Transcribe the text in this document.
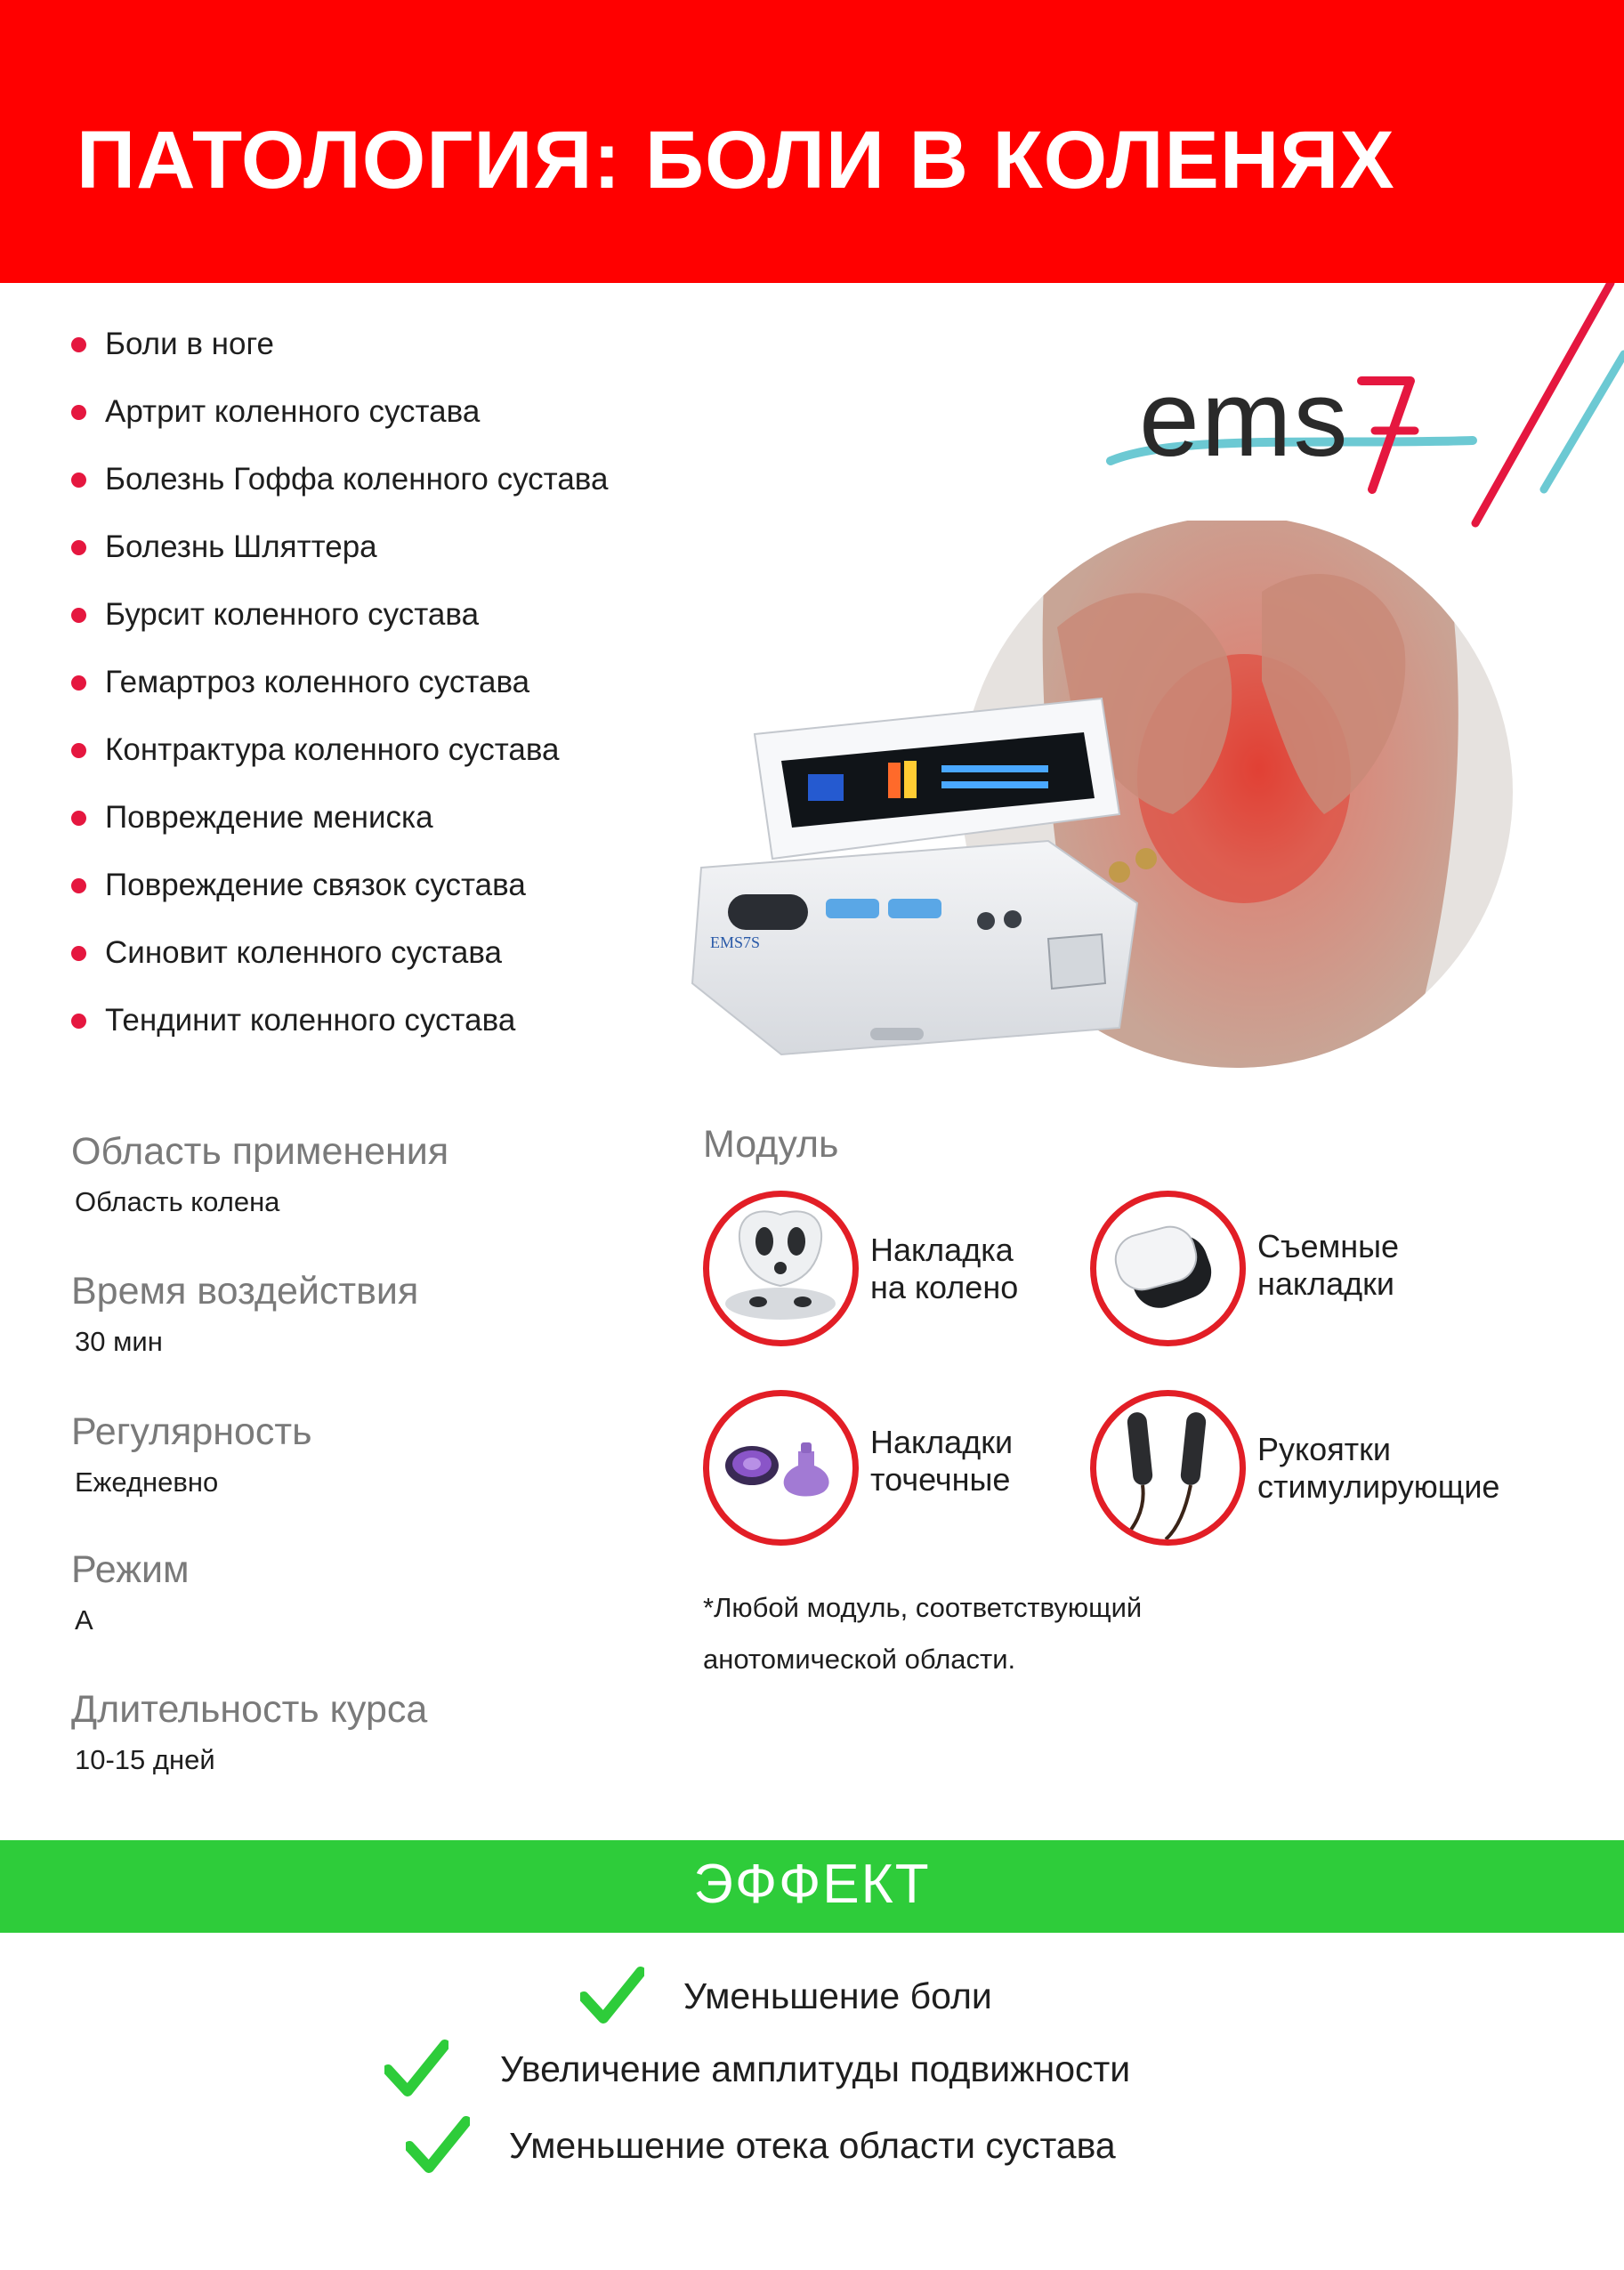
ПАТОЛОГИЯ: БОЛИ В КОЛЕНЯХ
ems
Боли в ноге
Артрит коленного сустава
Болезнь Гоффа коленного сустава
Болезнь Шляттера
Бурсит коленного сустава
Гемартроз коленного сустава
Контрактура коленного сустава
Повреждение мениска
Повреждение связок сустава
Синовит коленного сустава
Тендинит коленного сустава
EMS7S
Область применения
Область колена
Время воздействия
30 мин
Регулярность
Ежедневно
Режим
А
Длительность курса
10-15 дней
Модуль
Накладка
на колено
Съемные
накладки
Накладки
точечные
Рукоятки
стимулирующие
*Любой модуль, соответствующий
анотомической области.
ЭФФЕКТ
Уменьшение боли
Увеличение амплитуды подвижности
Уменьшение отека области сустава
